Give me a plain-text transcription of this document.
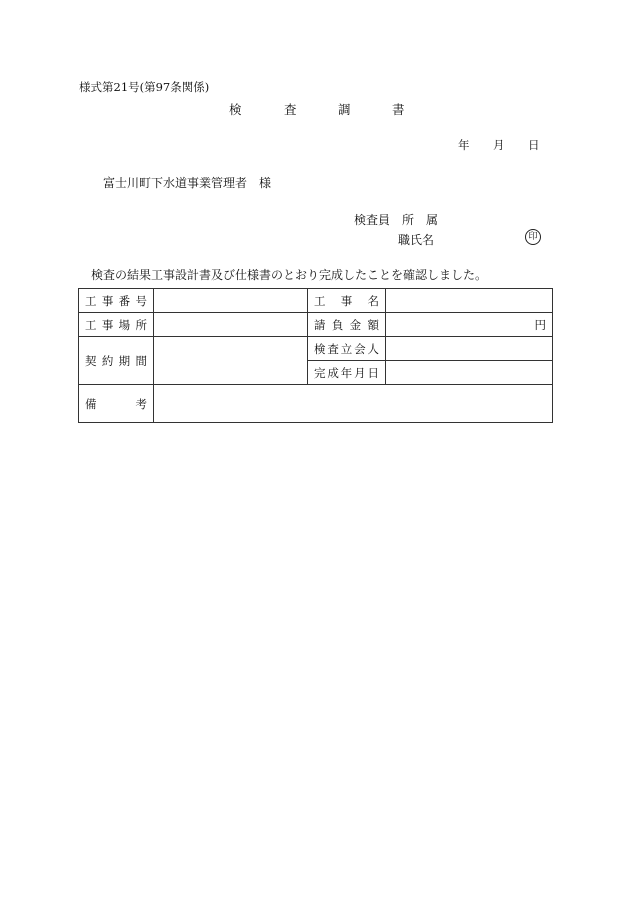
様式第21号(第97条関係)
検	査	調	書
年 月 日
富士川町下水道事業管理者　様
検査員　所　属
職氏名	印
検査の結果工事設計書及び仕様書のとおり完成したことを確認しました。
工事番号		工事名	
工事場所		請負金額	円
契約期間		検査立会人	
		完成年月日	
備考			
